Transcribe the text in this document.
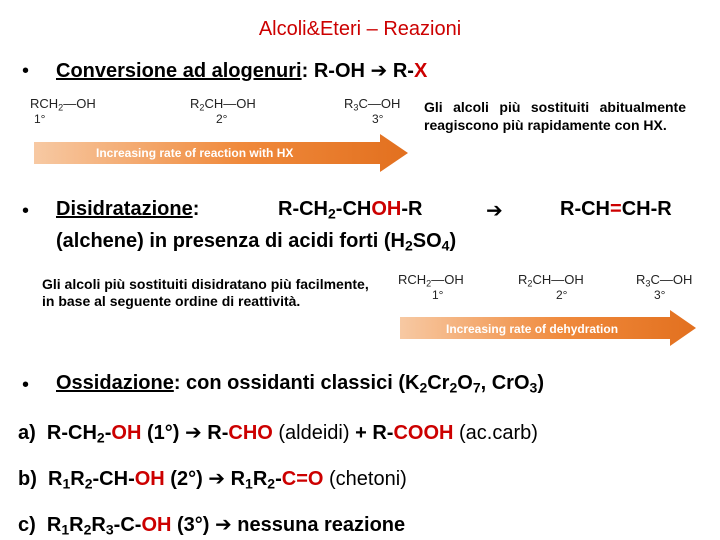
Alcoli&Eteri – Reazioni
• Conversione ad alogenuri: R-OH ➔ R-X
RCH2—OH
1°
R2CH—OH
2°
R3C—OH
3°
Increasing rate of reaction with HX
Gli alcoli più sostituiti abitualmente reagiscono più rapidamente con HX.
• Disidratazione:	$R-CH_2-CHOH-R$	➔	R-CH=CH-R
(alchene) in presenza di acidi forti $(H_2SO_4)$
Gli alcoli più sostituiti disidratano più facilmente, in base al seguente ordine di reattività.
RCH2—OH
1°
R2CH—OH
2°
R3C—OH
3°
Increasing rate of dehydration
• Ossidazione: con ossidanti classici ($K_2Cr_2O_7$, CrO$_3$)
a) $R-CH_2-OH$ (1°) ➔ R-CHO (aldeidi) + R-COOH (ac.carb)
b) $R_1R_2-CH-OH$ (2°) ➔ $R_1R_2-C=O$ (chetoni)
c) $R_1R_2R_3-C-OH$ (3°) ➔ nessuna reazione
